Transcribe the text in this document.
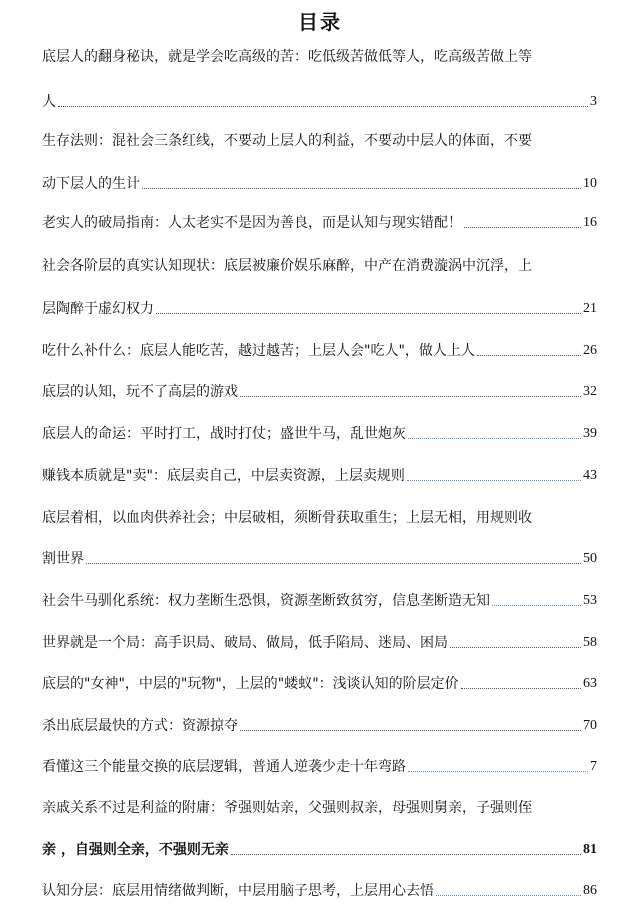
目录
底层人的翻身秘诀，就是学会吃高级的苦：吃低级苦做低等人，吃高级苦做上等
人	3
生存法则：混社会三条红线，不要动上层人的利益，不要动中层人的体面，不要
动下层人的生计	10
老实人的破局指南：人太老实不是因为善良，而是认知与现实错配！	16
社会各阶层的真实认知现状：底层被廉价娱乐麻醉，中产在消费漩涡中沉浮，上
层陶醉于虚幻权力	21
吃什么补什么：底层人能吃苦，越过越苦；上层人会"吃人"，做人上人	26
底层的认知，玩不了高层的游戏	32
底层人的命运：平时打工，战时打仗；盛世牛马，乱世炮灰	39
赚钱本质就是"卖"：底层卖自己，中层卖资源，上层卖规则	43
底层着相，以血肉供养社会；中层破相，须断骨获取重生；上层无相，用规则收
割世界	50
社会牛马驯化系统：权力垄断生恐惧，资源垄断致贫穷，信息垄断造无知	53
世界就是一个局：高手识局、破局、做局，低手陷局、迷局、困局	58
底层的"女神"，中层的"玩物"，上层的"蝼蚁"：浅谈认知的阶层定价	63
杀出底层最快的方式：资源掠夺	70
看懂这三个能量交换的底层逻辑，普通人逆袭少走十年弯路	7
亲戚关系不过是利益的附庸：爷强则姑亲，父强则叔亲，母强则舅亲，子强则侄
亲 ，自强则全亲，不强则无亲	81
认知分层：底层用情绪做判断，中层用脑子思考，上层用心去悟	86
